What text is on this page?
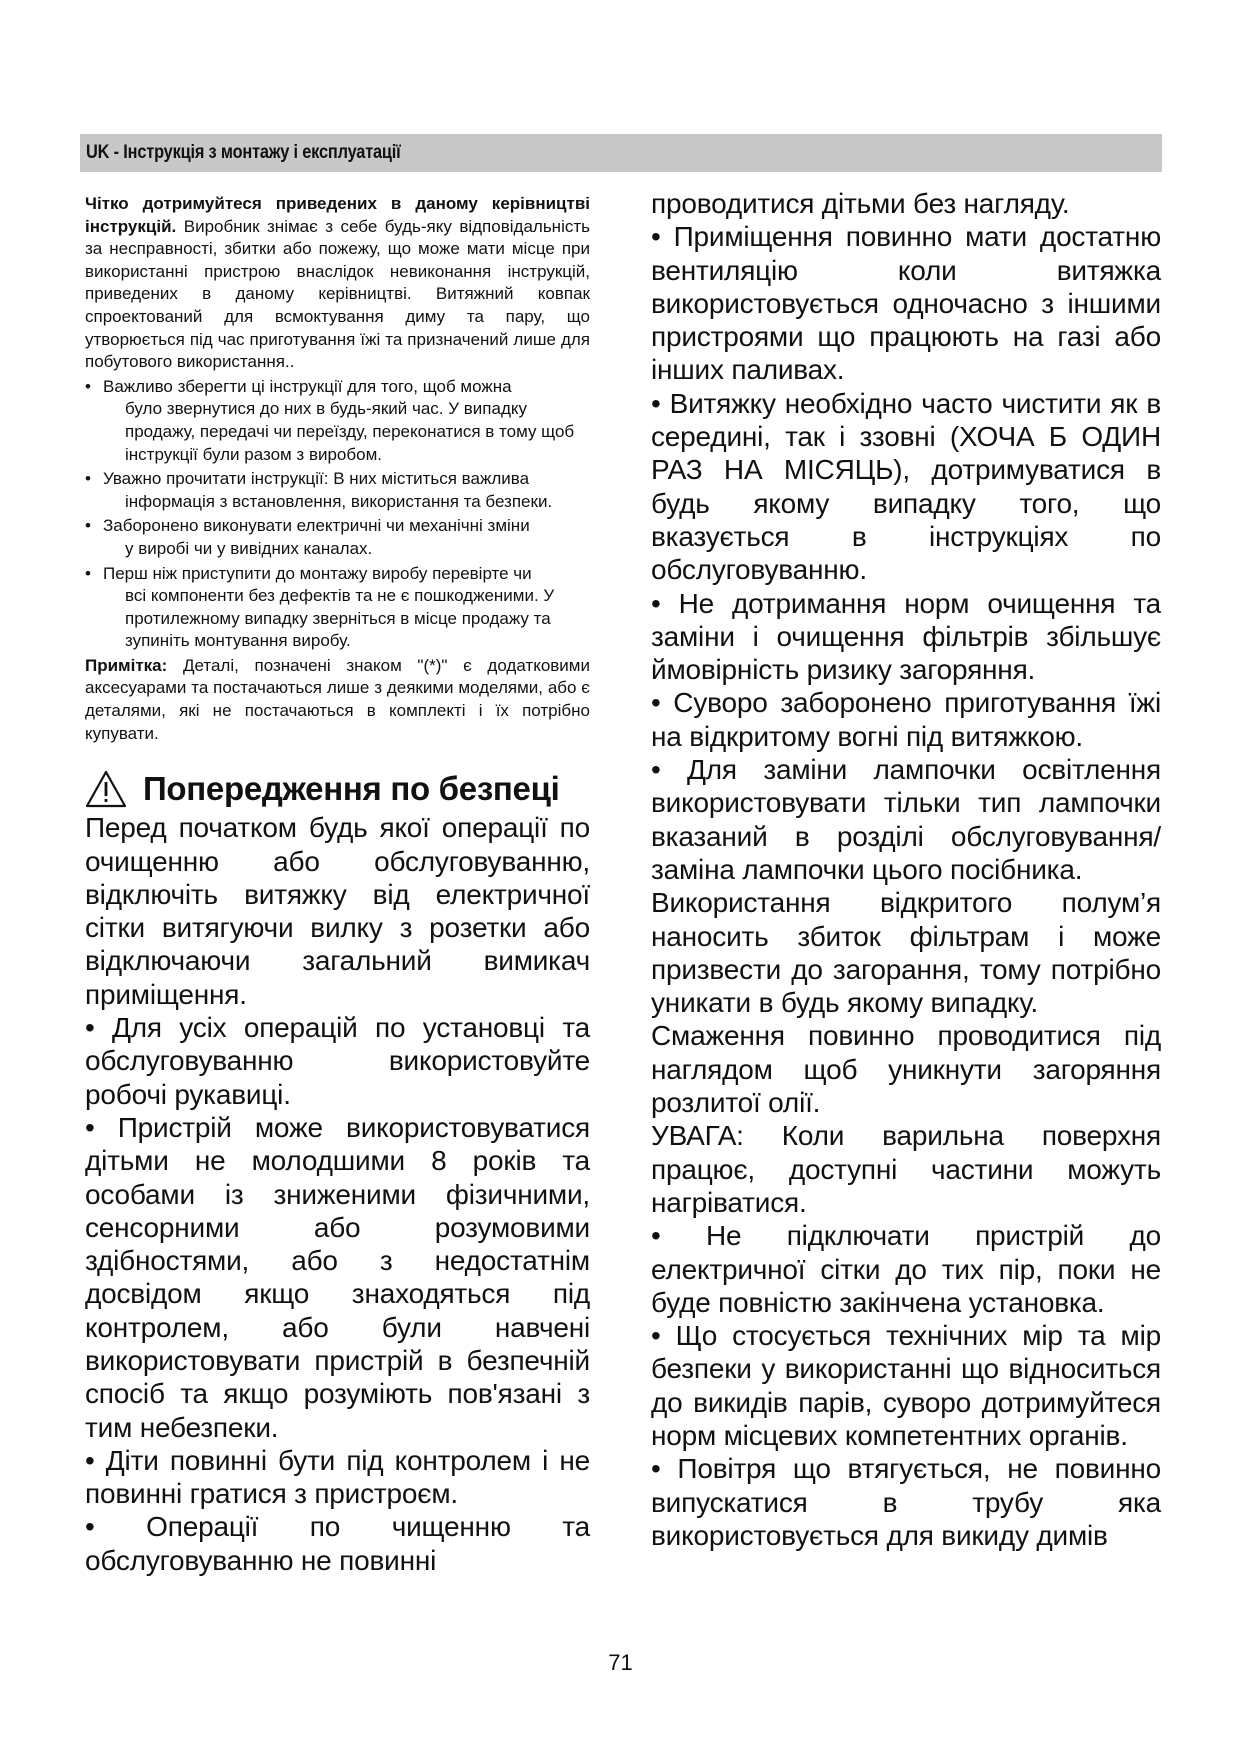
UK - Інструкція з монтажу і експлуатації

Чітко дотримуйтеся приведених в даному керівництві інструкцій. Виробник знімає з себе будь-яку відповідальність за несправності, збитки або пожежу, що може мати місце при використанні пристрою внаслідок невиконання інструкцій, приведених в даному керівництві. Витяжний ковпак спроектований для всмоктування диму та пару, що утворюється під час приготування їжі та призначений лише для побутового використання..

• Важливо зберегти ці інструкції для того, щоб можна
було звернутися до них в будь-який час. У випадку продажу, передачі чи переїзду, переконатися в тому щоб інструкції були разом з виробом.
• Уважно прочитати інструкції: В них міститься важлива
інформація з встановлення, використання та безпеки.
• Заборонено виконувати електричні чи механічні зміни
у виробі чи у вивідних каналах.
• Перш ніж приступити до монтажу виробу перевірте чи
всі компоненти без дефектів та не є пошкодженими. У протилежному випадку зверніться в місце продажу та зупиніть монтування виробу.

Примітка: Деталі, позначені знаком "(*)" є додатковими аксесуарами та постачаються лише з деякими моделями, або є деталями, які не постачаються в комплекті і їх потрібно купувати.

Попередження по безпеці

Перед початком будь якої операції по очищенню або обслуговуванню, відключіть витяжку від електричної сітки витягуючи вилку з розетки або відключаючи загальний вимикач приміщення.

• Для усіх операцій по установці та обслуговуванню використовуйте робочі рукавиці.

• Пристрій може використовуватися дітьми не молодшими 8 років та особами із зниженими фізичними, сенсорними або розумовими здібностями, або з недостатнім досвідом якщо знаходяться під контролем, або були навчені використовувати пристрій в безпечній спосіб та якщо розуміють пов'язані з тим небезпеки.

• Діти повинні бути під контролем і не повинні гратися з пристроєм.

• Операції по чищенню та обслуговуванню не повинні

проводитися дітьми без нагляду.

• Приміщення повинно мати достатню вентиляцію коли витяжка використовується одночасно з іншими пристроями що працюють на газі або інших паливах.

• Витяжку необхідно часто чистити як в середині, так і ззовні (ХОЧА Б ОДИН РАЗ НА МІСЯЦЬ), дотримуватися в будь якому випадку того, що вказується в інструкціях по обслуговуванню.

• Не дотримання норм очищення та заміни і очищення фільтрів збільшує ймовірність ризику загоряння.

• Суворо заборонено приготування їжі на відкритому вогні під витяжкою.

• Для заміни лампочки освітлення використовувати тільки тип лампочки вказаний в розділі обслуговування/заміна лампочки цього посібника.

Використання відкритого полум’я наносить збиток фільтрам і може призвести до загорання, тому потрібно уникати в будь якому випадку.

Смаження повинно проводитися під наглядом щоб уникнути загоряння розлитої олії.

УВАГА: Коли варильна поверхня працює, доступні частини можуть нагріватися.

• Не підключати пристрій до електричної сітки до тих пір, поки не буде повністю закінчена установка.

• Що стосується технічних мір та мір безпеки у використанні що відноситься до викидів парів, суворо дотримуйтеся норм місцевих компетентних органів.

• Повітря що втягується, не повинно випускатися в трубу яка використовується для викиду димів

71
